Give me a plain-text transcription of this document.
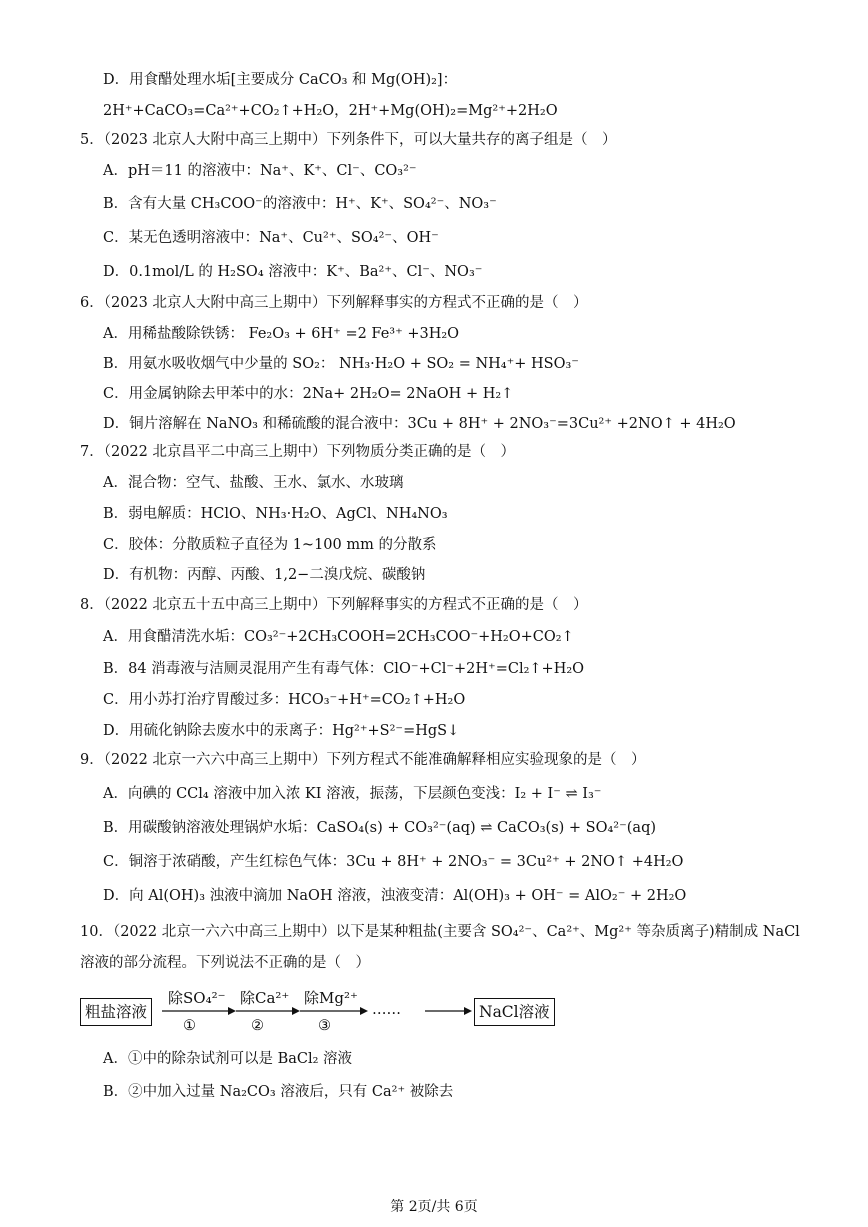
D．用食醋处理水垢[主要成分 CaCO₃ 和 Mg(OH)₂]：
2H⁺+CaCO₃=Ca²⁺+CO₂↑+H₂O，2H⁺+Mg(OH)₂=Mg²⁺+2H₂O
5．（2023 北京人大附中高三上期中）下列条件下，可以大量共存的离子组是（　）
A．pH＝11 的溶液中：Na⁺、K⁺、Cl⁻、CO₃²⁻
B．含有大量 CH₃COO⁻的溶液中：H⁺、K⁺、SO₄²⁻、NO₃⁻
C．某无色透明溶液中：Na⁺、Cu²⁺、SO₄²⁻、OH⁻
D．0.1mol/L 的 H₂SO₄ 溶液中：K⁺、Ba²⁺、Cl⁻、NO₃⁻
6．（2023 北京人大附中高三上期中）下列解释事实的方程式不正确的是（　）
A．用稀盐酸除铁锈： Fe₂O₃ + 6H⁺ =2 Fe³⁺ +3H₂O
B．用氨水吸收烟气中少量的 SO₂： NH₃·H₂O + SO₂ = NH₄⁺+ HSO₃⁻
C．用金属钠除去甲苯中的水：2Na+ 2H₂O= 2NaOH + H₂↑
D．铜片溶解在 NaNO₃ 和稀硫酸的混合液中：3Cu + 8H⁺ + 2NO₃⁻=3Cu²⁺ +2NO↑ + 4H₂O
7．（2022 北京昌平二中高三上期中）下列物质分类正确的是（　）
A．混合物：空气、盐酸、王水、氯水、水玻璃
B．弱电解质：HClO、NH₃·H₂O、AgCl、NH₄NO₃
C．胶体：分散质粒子直径为 1~100 mm 的分散系
D．有机物：丙醇、丙酸、1,2−二溴戊烷、碳酸钠
8．（2022 北京五十五中高三上期中）下列解释事实的方程式不正确的是（　）
A．用食醋清洗水垢：CO₃²⁻+2CH₃COOH=2CH₃COO⁻+H₂O+CO₂↑
B．84 消毒液与洁厕灵混用产生有毒气体：ClO⁻+Cl⁻+2H⁺=Cl₂↑+H₂O
C．用小苏打治疗胃酸过多：HCO₃⁻+H⁺=CO₂↑+H₂O
D．用硫化钠除去废水中的汞离子：Hg²⁺+S²⁻=HgS↓
9．（2022 北京一六六中高三上期中）下列方程式不能准确解释相应实验现象的是（　）
A．向碘的 CCl₄ 溶液中加入浓 KI 溶液，振荡，下层颜色变浅：I₂ + I⁻ ⇌ I₃⁻
B．用碳酸钠溶液处理锅炉水垢：CaSO₄(s) + CO₃²⁻(aq) ⇌ CaCO₃(s) + SO₄²⁻(aq)
C．铜溶于浓硝酸，产生红棕色气体：3Cu + 8H⁺ + 2NO₃⁻ = 3Cu²⁺ + 2NO↑ +4H₂O
D．向 Al(OH)₃ 浊液中滴加 NaOH 溶液，浊液变清：Al(OH)₃ + OH⁻ = AlO₂⁻ + 2H₂O
10．（2022 北京一六六中高三上期中）以下是某种粗盐(主要含 SO₄²⁻、Ca²⁺、Mg²⁺ 等杂质离子)精制成 NaCl
溶液的部分流程。下列说法不正确的是（　）
粗盐溶液
除SO₄²⁻ 除Ca²⁺ 除Mg²⁺
①	②	③
……	NaCl溶液
A．①中的除杂试剂可以是 BaCl₂ 溶液
B．②中加入过量 Na₂CO₃ 溶液后，只有 Ca²⁺ 被除去
第 2页/共 6页
